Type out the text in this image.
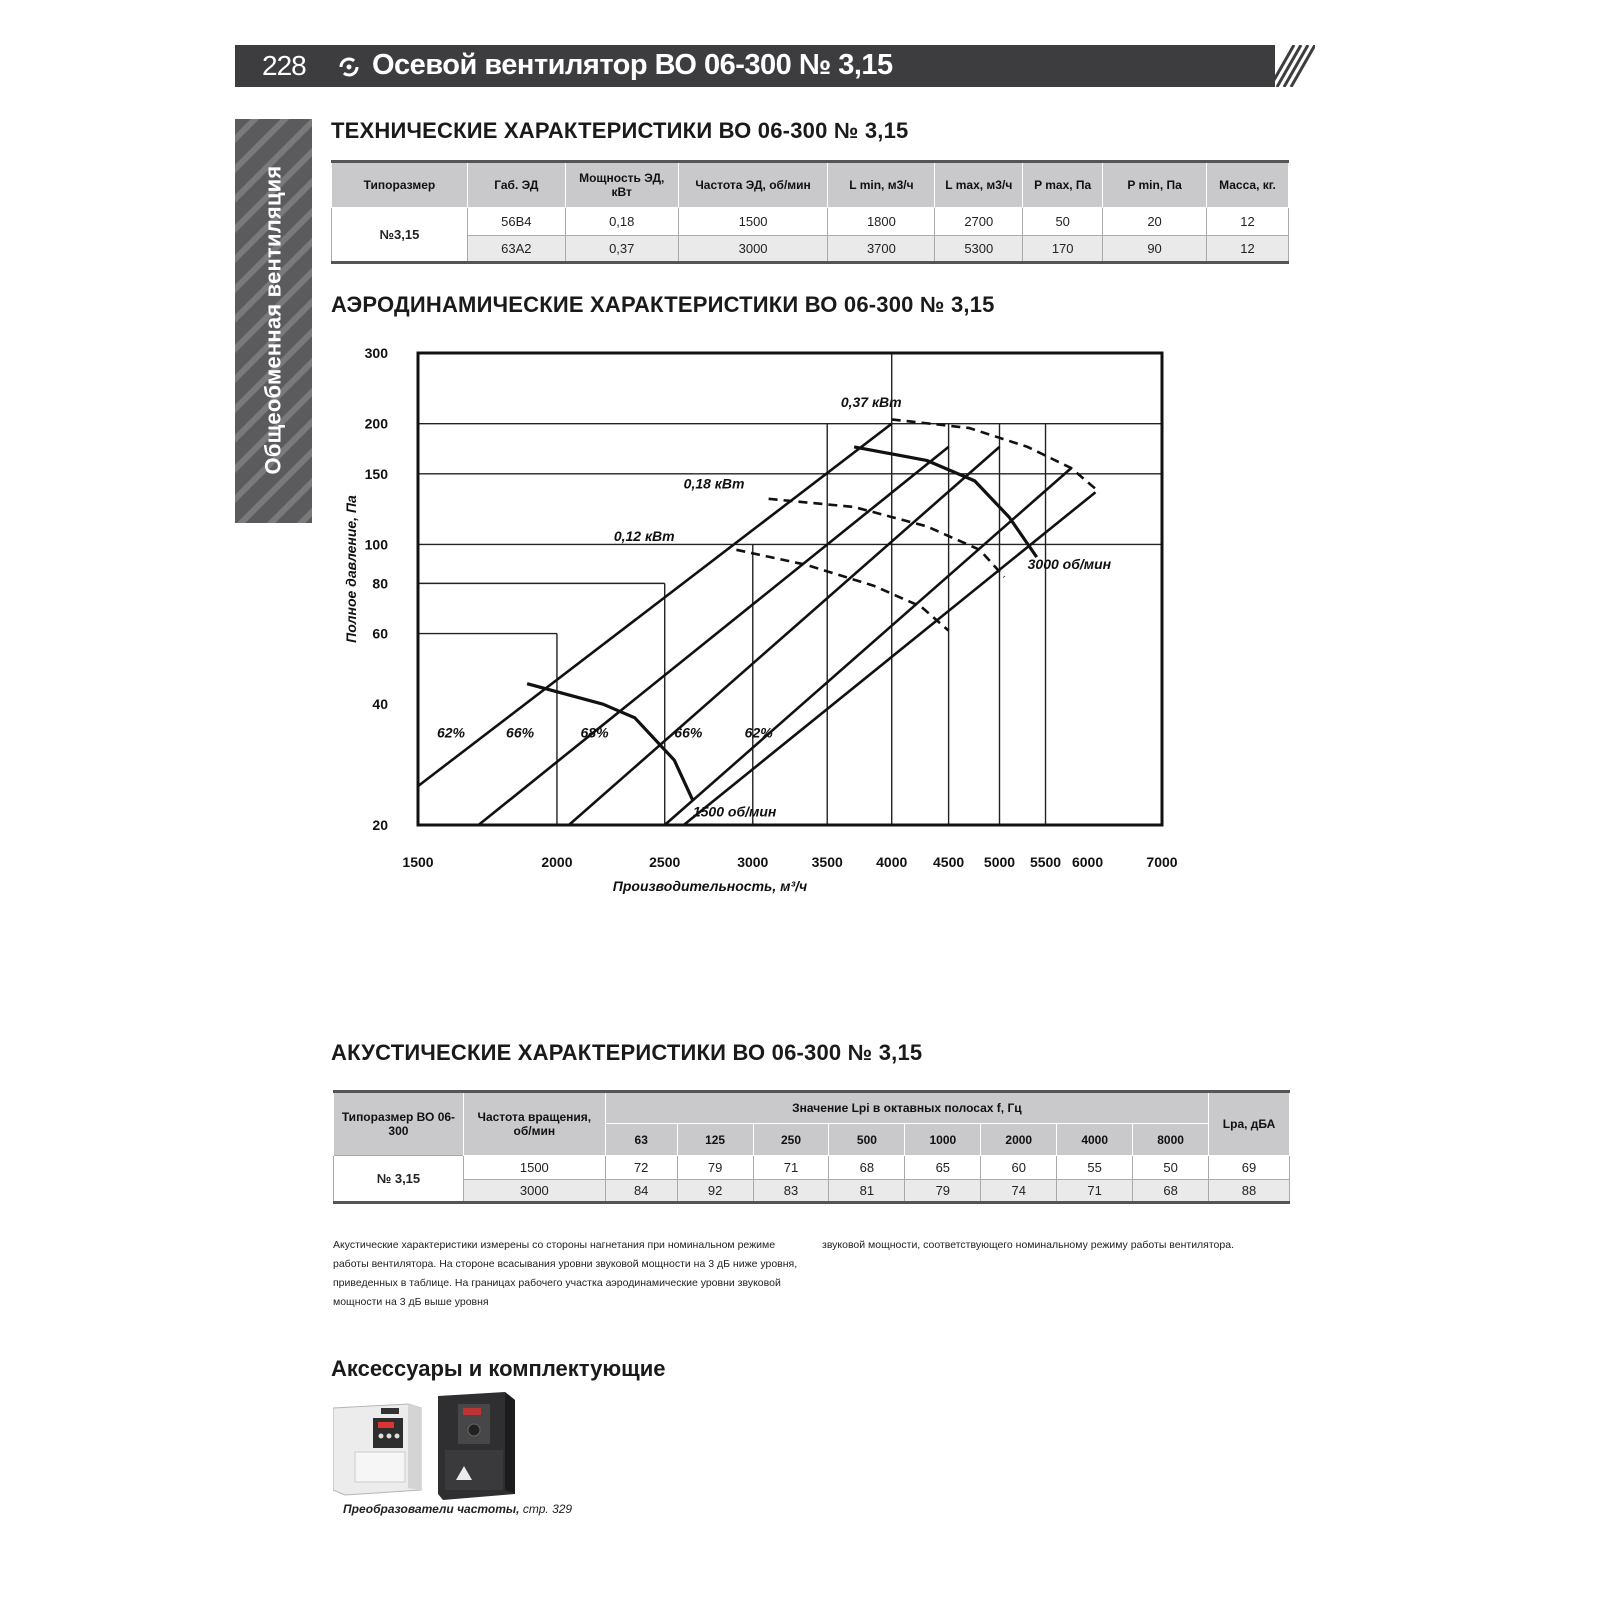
228 Осевой вентилятор ВО 06-300 № 3,15
Общеобменная вентиляция
ТЕХНИЧЕСКИЕ ХАРАКТЕРИСТИКИ ВО 06-300 № 3,15
Типоразмер	Габ. ЭД	Мощность ЭД, кВт	Частота ЭД, об/мин	L min, м3/ч	L max, м3/ч	P max, Па	P min, Па	Масса, кг.
№3,15	56В4	0,18	1500	1800	2700	50	20	12
	63А2	0,37	3000	3700	5300	170	90	12
АЭРОДИНАМИЧЕСКИЕ ХАРАКТЕРИСТИКИ ВО 06-300 № 3,15
20
40
60
80
100
150
200
300
1500	2000	2500	3000	3500 4000 4500 5000 5500 6000	7000
Производительность, м³/ч
Полное давление, Па
0,37 кВт
0,18 кВт
0,12 кВт
3000 об/мин
1500 об/мин
62%	66%	68%	66%	62%
АКУСТИЧЕСКИЕ ХАРАКТЕРИСТИКИ ВО 06-300 № 3,15
Типоразмер ВО 06-300	Частота вращения, об/мин	Значение Lpi в октавных полосах f, Гц								Lpa, дБА
		63	125	250	500	1000	2000	4000	8000	
№ 3,15	1500	72	79	71	68	65	60	55	50	69
	3000	84	92	83	81	79	74	71	68	88
Акустические характеристики измерены со стороны нагнетания при номинальном режиме работы вентилятора. На стороне всасывания уровни звуковой мощности на 3 дБ ниже уровня, приведенных в таблице. На границах рабочего участка аэродинамические уровни звуковой мощности на 3 дБ выше уровня
звуковой мощности, соответствующего номинальному режиму работы вентилятора.
Аксессуары и комплектующие
Преобразователи частоты, стр. 329
